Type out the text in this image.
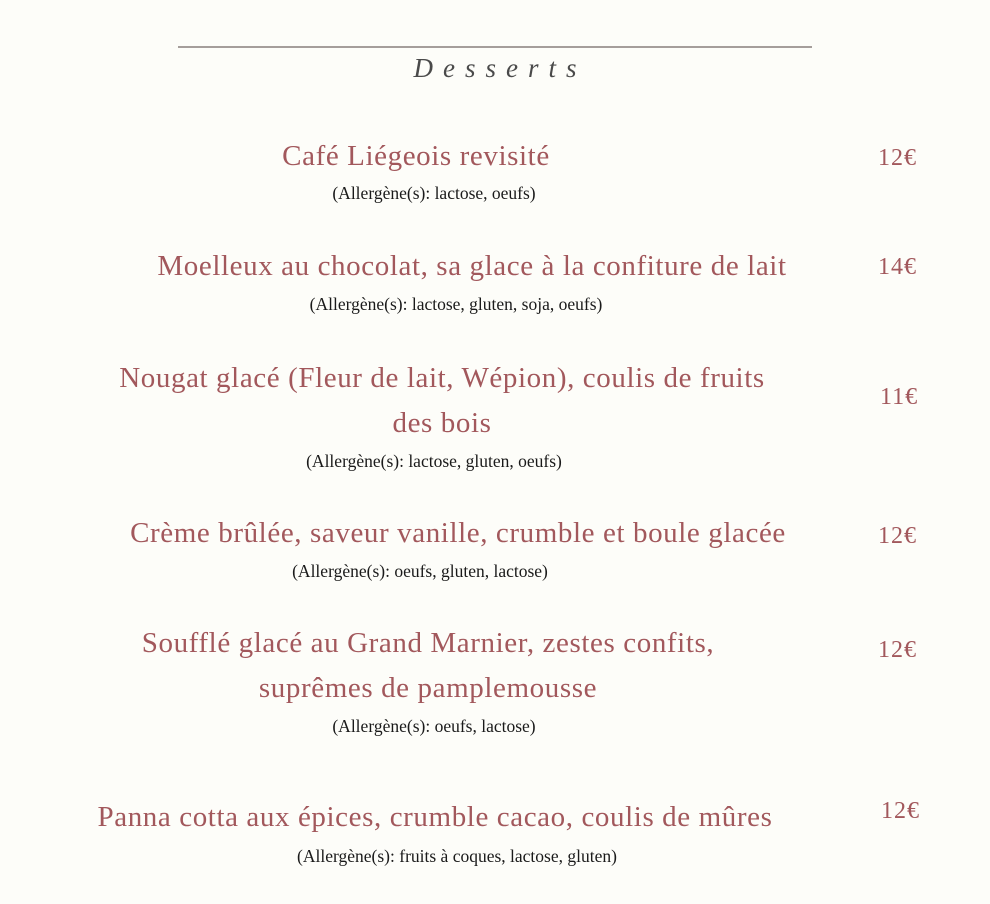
Desserts
Café Liégeois revisité
(Allergène(s): lactose, oeufs)
12€
Moelleux au chocolat, sa glace à la confiture de lait
(Allergène(s): lactose, gluten, soja, oeufs)
14€
Nougat glacé (Fleur de lait, Wépion), coulis de fruits
des bois
(Allergène(s): lactose, gluten, oeufs)
11€
Crème brûlée, saveur vanille, crumble et boule glacée
(Allergène(s): oeufs, gluten, lactose)
12€
Soufflé glacé au Grand Marnier, zestes confits,
suprêmes de pamplemousse
(Allergène(s): oeufs, lactose)
12€
Panna cotta aux épices, crumble cacao, coulis de mûres
(Allergène(s): fruits à coques, lactose, gluten)
12€
